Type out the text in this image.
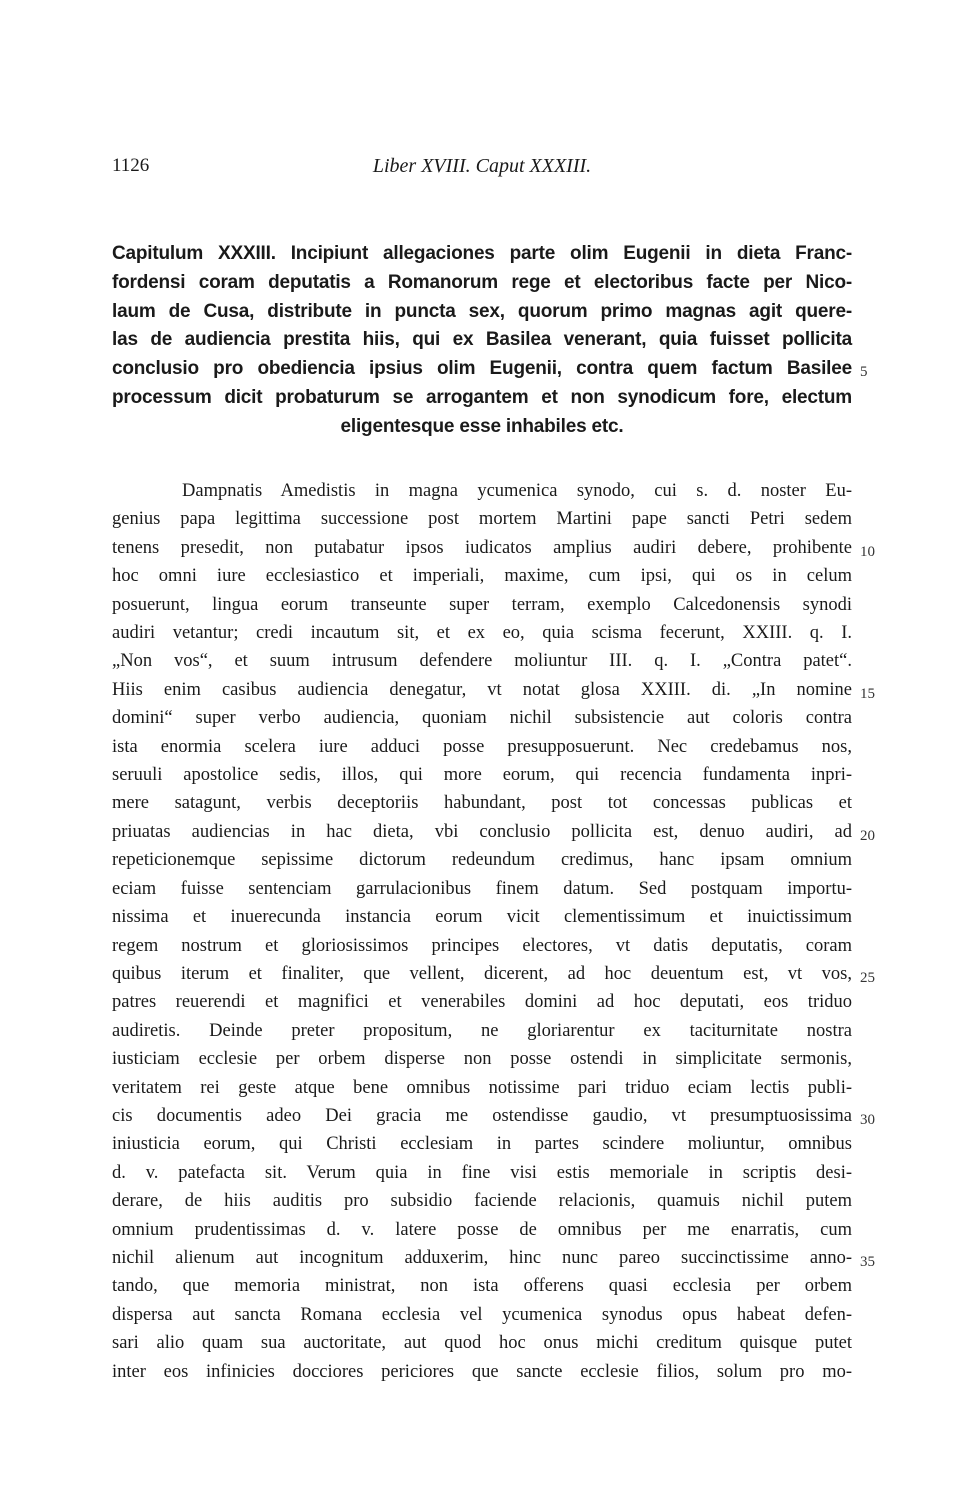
1126	Liber XVIII. Caput XXXIII.
Capitulum XXXIII. Incipiunt allegaciones parte olim Eugenii in dieta Franc-
fordensi coram deputatis a Romanorum rege et electoribus facte per Nico-
laum de Cusa, distribute in puncta sex, quorum primo magnas agit quere-
las de audiencia prestita hiis, qui ex Basilea venerant, quia fuisset pollicita
conclusio pro obediencia ipsius olim Eugenii, contra quem factum Basilee 5
processum dicit probaturum se arrogantem et non synodicum fore, electum
eligentesque esse inhabiles etc.
Dampnatis Amedistis in magna ycumenica synodo, cui s. d. noster Eu-
genius papa legittima successione post mortem Martini pape sancti Petri sedem
tenens presedit, non putabatur ipsos iudicatos amplius audiri debere, prohibente 10
hoc omni iure ecclesiastico et imperiali, maxime, cum ipsi, qui os in celum
posuerunt, lingua eorum transeunte super terram, exemplo Calcedonensis synodi
audiri vetantur; credi incautum sit, et ex eo, quia scisma fecerunt, XXIII. q. I.
„Non vos“, et suum intrusum defendere moliuntur III. q. I. „Contra patet“.
Hiis enim casibus audiencia denegatur, vt notat glosa XXIII. di. „In nomine 15
domini“ super verbo audiencia, quoniam nichil subsistencie aut coloris contra
ista enormia scelera iure adduci posse presupposuerunt. Nec credebamus nos,
seruuli apostolice sedis, illos, qui more eorum, qui recencia fundamenta inpri-
mere satagunt, verbis deceptoriis habundant, post tot concessas publicas et
priuatas audiencias in hac dieta, vbi conclusio pollicita est, denuo audiri, ad 20
repeticionemque sepissime dictorum redeundum credimus, hanc ipsam omnium
eciam fuisse sentenciam garrulacionibus finem datum. Sed postquam importu-
nissima et inuerecunda instancia eorum vicit clementissimum et inuictissimum
regem nostrum et gloriosissimos principes electores, vt datis deputatis, coram
quibus iterum et finaliter, que vellent, dicerent, ad hoc deuentum est, vt vos, 25
patres reuerendi et magnifici et venerabiles domini ad hoc deputati, eos triduo
audiretis. Deinde preter propositum, ne gloriarentur ex taciturnitate nostra
iusticiam ecclesie per orbem disperse non posse ostendi in simplicitate sermonis,
veritatem rei geste atque bene omnibus notissime pari triduo eciam lectis publi-
cis documentis adeo Dei gracia me ostendisse gaudio, vt presumptuosissima 30
iniusticia eorum, qui Christi ecclesiam in partes scindere moliuntur, omnibus
d. v. patefacta sit. Verum quia in fine visi estis memoriale in scriptis desi-
derare, de hiis auditis pro subsidio faciende relacionis, quamuis nichil putem
omnium prudentissimas d. v. latere posse de omnibus per me enarratis, cum
nichil alienum aut incognitum adduxerim, hinc nunc pareo succinctissime anno- 35
tando, que memoria ministrat, non ista offerens quasi ecclesia per orbem
dispersa aut sancta Romana ecclesia vel ycumenica synodus opus habeat defen-
sari alio quam sua auctoritate, aut quod hoc onus michi creditum quisque putet
inter eos infinicies docciores periciores que sancte ecclesie filios, solum pro mo-
